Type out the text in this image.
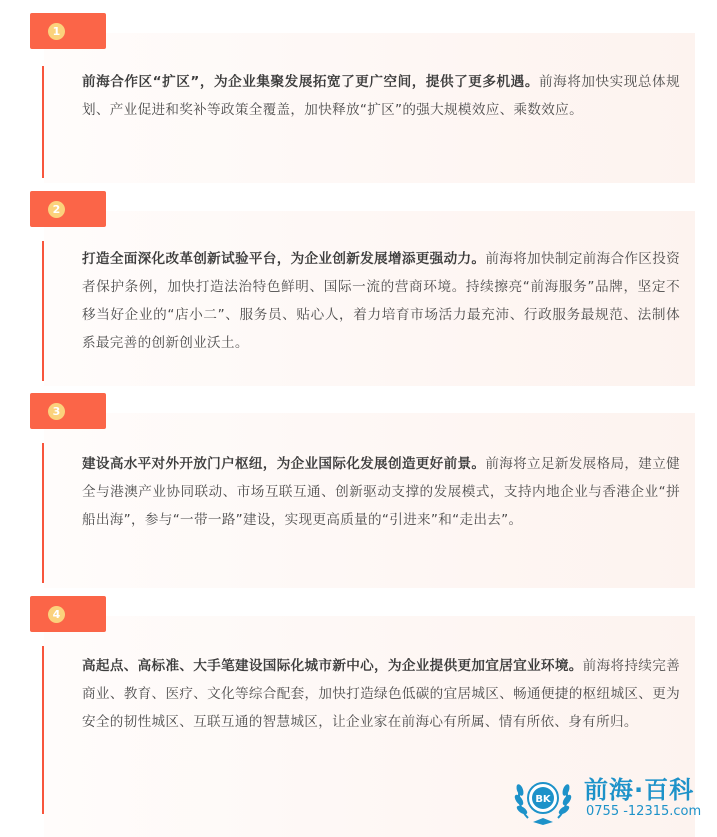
1
前海合作区“扩区”，为企业集聚发展拓宽了更广空间，提供了更多机遇。前海将加快实现总体规划、产业促进和奖补等政策全覆盖，加快释放“扩区”的强大规模效应、乘数效应。
2
打造全面深化改革创新试验平台，为企业创新发展增添更强动力。前海将加快制定前海合作区投资者保护条例，加快打造法治特色鲜明、国际一流的营商环境。持续擦亮“前海服务”品牌，坚定不移当好企业的“店小二”、服务员、贴心人，着力培育市场活力最充沛、行政服务最规范、法制体系最完善的创新创业沃土。
3
建设高水平对外开放门户枢纽，为企业国际化发展创造更好前景。前海将立足新发展格局，建立健全与港澳产业协同联动、市场互联互通、创新驱动支撑的发展模式，支持内地企业与香港企业“拼船出海”，参与“一带一路”建设，实现更高质量的“引进来”和“走出去”。
4
高起点、高标准、大手笔建设国际化城市新中心，为企业提供更加宜居宜业环境。前海将持续完善商业、教育、医疗、文化等综合配套，加快打造绿色低碳的宜居城区、畅通便捷的枢纽城区、更为安全的韧性城区、互联互通的智慧城区，让企业家在前海心有所属、情有所依、身有所归。
BK 前海·百科
0755 -12315.com
